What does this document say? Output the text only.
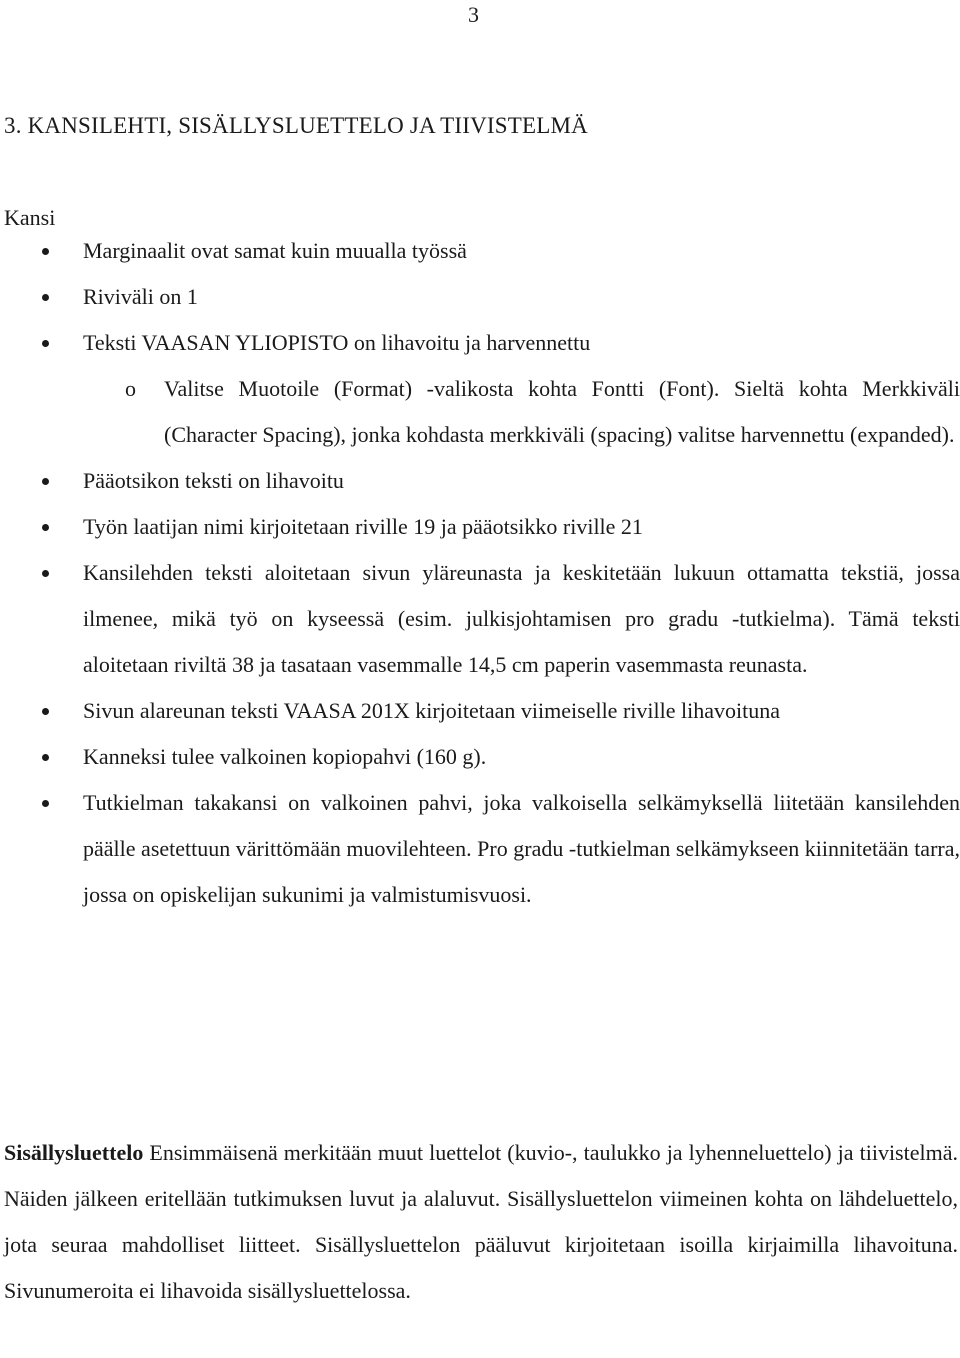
3
3. KANSILEHTI, SISÄLLYSLUETTELO JA TIIVISTELMÄ
Kansi
Marginaalit ovat samat kuin muualla työssä
Riviväli on 1
Teksti VAASAN YLIOPISTO on lihavoitu ja harvennettu
o Valitse Muotoile (Format) -valikosta kohta Fontti (Font). Sieltä kohta Merkkiväli (Character Spacing), jonka kohdasta merkkiväli (spacing) valitse harvennettu (expanded).
Pääotsikon teksti on lihavoitu
Työn laatijan nimi kirjoitetaan riville 19 ja pääotsikko riville 21
Kansilehden teksti aloitetaan sivun yläreunasta ja keskitetään lukuun ottamatta tekstiä, jossa ilmenee, mikä työ on kyseessä (esim. julkisjohtamisen pro gradu -tutkielma). Tämä teksti aloitetaan riviltä 38 ja tasataan vasemmalle 14,5 cm paperin vasemmasta reunasta.
Sivun alareunan teksti VAASA 201X kirjoitetaan viimeiselle riville lihavoituna
Kanneksi tulee valkoinen kopiopahvi (160 g).
Tutkielman takakansi on valkoinen pahvi, joka valkoisella selkämyksellä liitetään kansilehden päälle asetettuun värittömään muovilehteen. Pro gradu -tutkielman selkämykseen kiinnitetään tarra, jossa on opiskelijan sukunimi ja valmistumisvuosi.

Sisällysluettelo Ensimmäisenä merkitään muut luettelot (kuvio-, taulukko ja lyhenneluettelo) ja tiivistelmä. Näiden jälkeen eritellään tutkimuksen luvut ja alaluvut. Sisällysluettelon viimeinen kohta on lähdeluettelo, jota seuraa mahdolliset liitteet. Sisällysluettelon pääluvut kirjoitetaan isoilla kirjaimilla lihavoituna. Sivunumeroita ei lihavoida sisällysluettelossa.
